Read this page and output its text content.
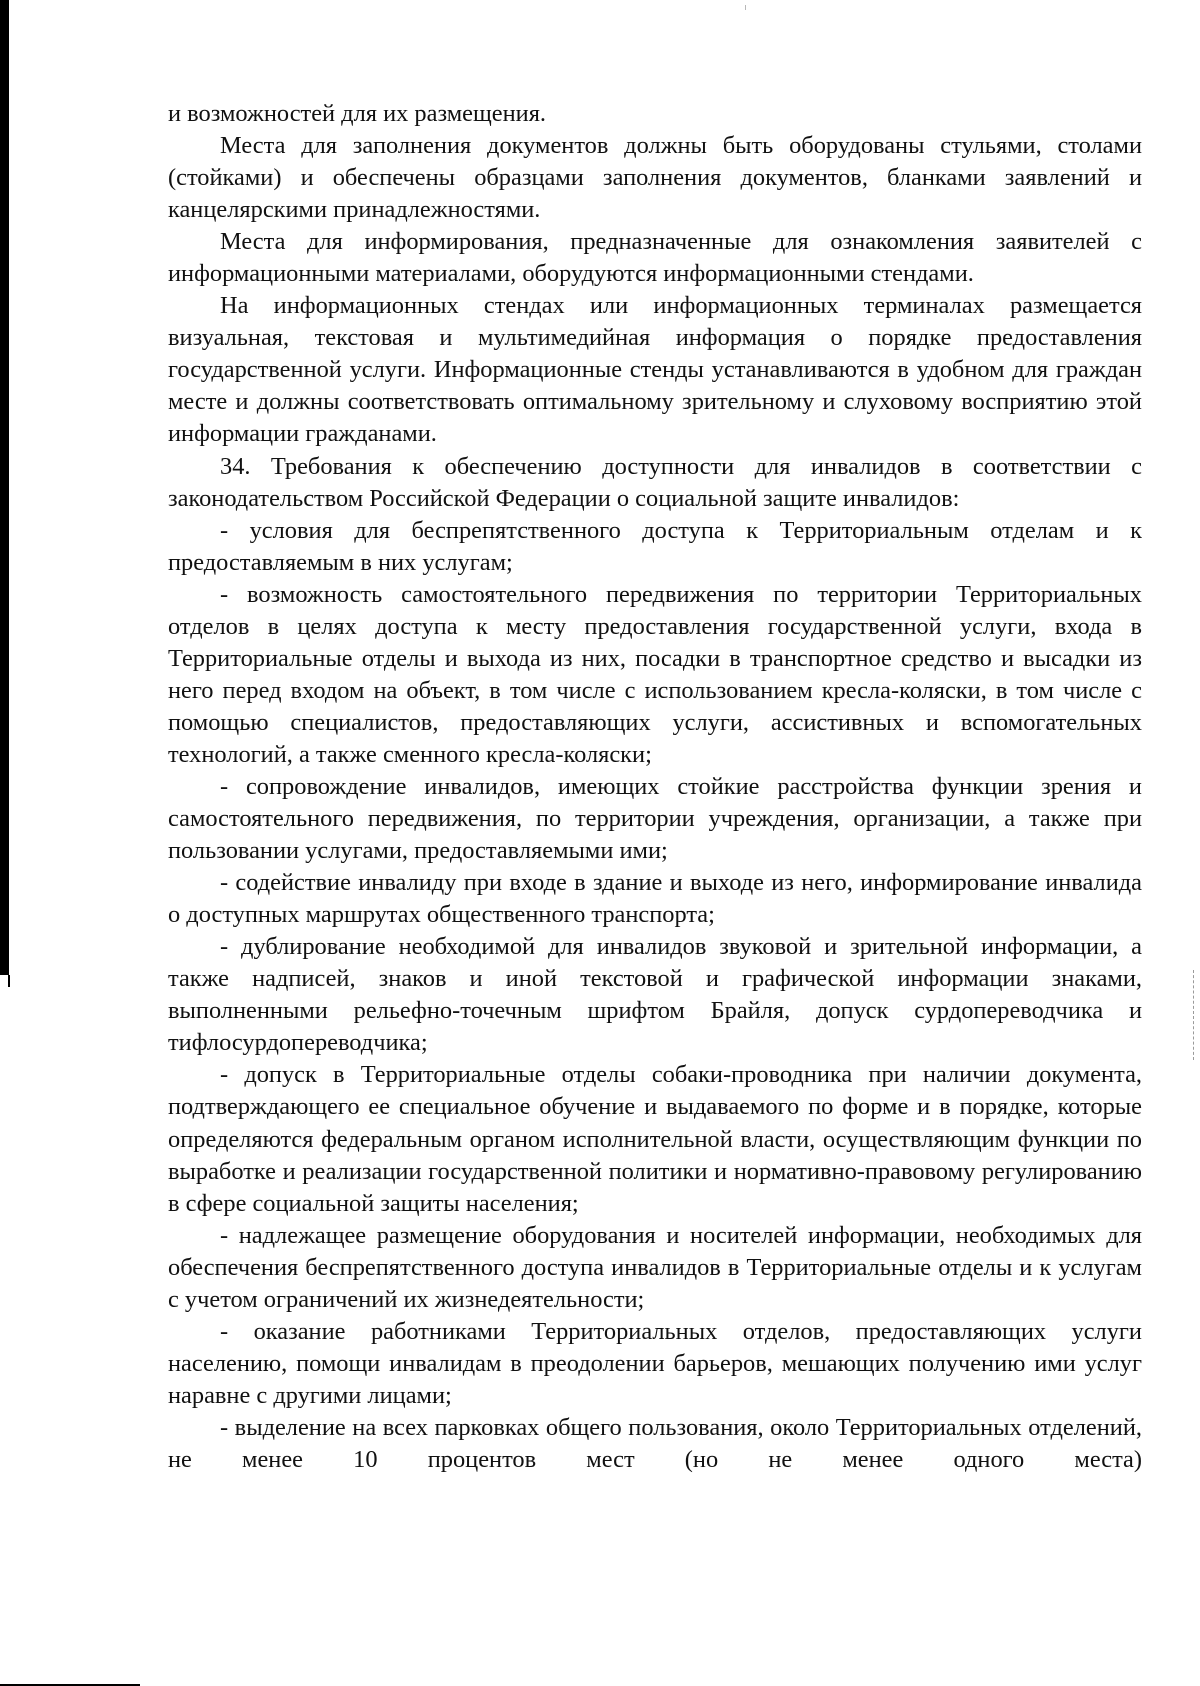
и возможностей для их размещения.

Места для заполнения документов должны быть оборудованы стульями, столами (стойками) и обеспечены образцами заполнения документов, бланками заявлений и канцелярскими принадлежностями.

Места для информирования, предназначенные для ознакомления заявителей с информационными материалами, оборудуются информационными стендами.

На информационных стендах или информационных терминалах размещается визуальная, текстовая и мультимедийная информация о порядке предоставления государственной услуги. Информационные стенды устанавливаются в удобном для граждан месте и должны соответствовать оптимальному зрительному и слуховому восприятию этой информации гражданами.

34. Требования к обеспечению доступности для инвалидов в соответствии с законодательством Российской Федерации о социальной защите инвалидов:

- условия для беспрепятственного доступа к Территориальным отделам и к предоставляемым в них услугам;

- возможность самостоятельного передвижения по территории Территориальных отделов в целях доступа к месту предоставления государственной услуги, входа в Территориальные отделы и выхода из них, посадки в транспортное средство и высадки из него перед входом на объект, в том числе с использованием кресла-коляски, в том числе с помощью специалистов, предоставляющих услуги, ассистивных и вспомогательных технологий, а также сменного кресла-коляски;

- сопровождение инвалидов, имеющих стойкие расстройства функции зрения и самостоятельного передвижения, по территории учреждения, организации, а также при пользовании услугами, предоставляемыми ими;

- содействие инвалиду при входе в здание и выходе из него, информирование инвалида о доступных маршрутах общественного транспорта;

- дублирование необходимой для инвалидов звуковой и зрительной информации, а также надписей, знаков и иной текстовой и графической информации знаками, выполненными рельефно-точечным шрифтом Брайля, допуск сурдопереводчика и тифлосурдопереводчика;

- допуск в Территориальные отделы собаки-проводника при наличии документа, подтверждающего ее специальное обучение и выдаваемого по форме и в порядке, которые определяются федеральным органом исполнительной власти, осуществляющим функции по выработке и реализации государственной политики и нормативно-правовому регулированию в сфере социальной защиты населения;

- надлежащее размещение оборудования и носителей информации, необходимых для обеспечения беспрепятственного доступа инвалидов в Территориальные отделы и к услугам с учетом ограничений их жизнедеятельности;

- оказание работниками Территориальных отделов, предоставляющих услуги населению, помощи инвалидам в преодолении барьеров, мешающих получению ими услуг наравне с другими лицами;

- выделение на всех парковках общего пользования, около Территориальных отделений, не менее 10 процентов мест (но не менее одного места)
